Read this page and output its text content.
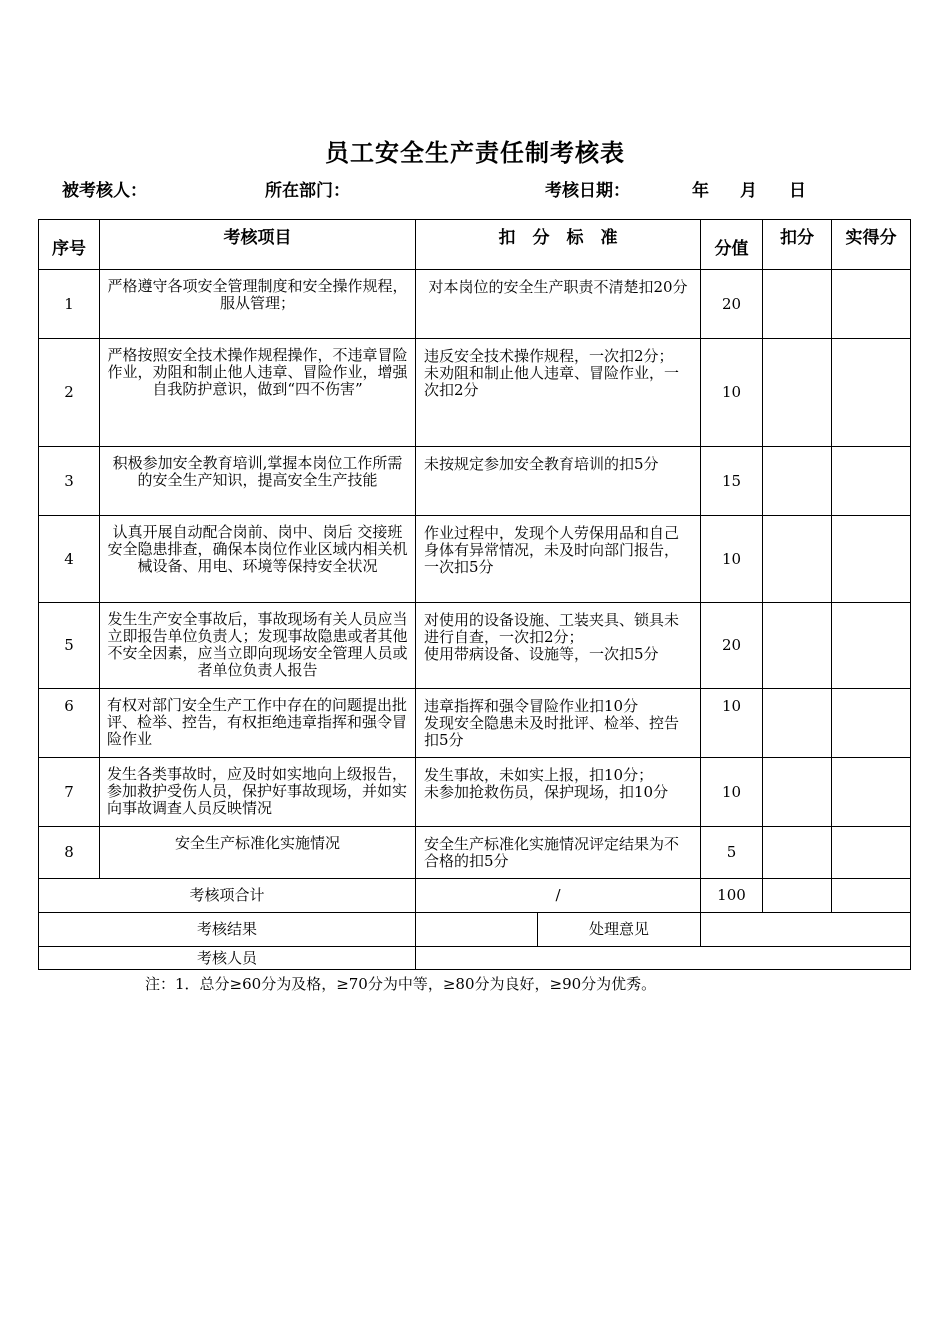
员工安全生产责任制考核表
被考核人：	所在部门：	考核日期：	年 月 日
序号	考核项目	扣　分　标　准	分值	扣分	实得分
1	严格遵守各项安全管理制度和安全操作规程，服从管理；	对本岗位的安全生产职责不清楚扣20分	20		
2	严格按照安全技术操作规程操作，不违章冒险作业，劝阻和制止他人违章、冒险作业，增强自我防护意识，做到“四不伤害”	违反安全技术操作规程，一次扣2分；
未劝阻和制止他人违章、冒险作业，一次扣2分	10		
3	积极参加安全教育培训,掌握本岗位工作所需的安全生产知识，提高安全生产技能	未按规定参加安全教育培训的扣5分	15		
4	认真开展自动配合岗前、岗中、岗后 交接班安全隐患排查，确保本岗位作业区域内相关机械设备、用电、环境等保持安全状况	作业过程中，发现个人劳保用品和自己身体有异常情况，未及时向部门报告，一次扣5分	10		
5	发生生产安全事故后，事故现场有关人员应当立即报告单位负责人；发现事故隐患或者其他不安全因素，应当立即向现场安全管理人员或者单位负责人报告	对使用的设备设施、工装夹具、锁具未进行自查，一次扣2分；
使用带病设备、设施等，一次扣5分	20		
6	有权对部门安全生产工作中存在的问题提出批评、检举、控告，有权拒绝违章指挥和强令冒险作业	违章指挥和强令冒险作业扣10分
发现安全隐患未及时批评、检举、控告扣5分	10		
7	发生各类事故时，应及时如实地向上级报告，参加救护受伤人员，保护好事故现场，并如实向事故调查人员反映情况	发生事故，未如实上报，扣10分；
未参加抢救伤员，保护现场，扣10分	10		
8	安全生产标准化实施情况	安全生产标准化实施情况评定结果为不合格的扣5分	5		
考核项合计		/	100		
考核结果		处理意见	
考核人员			
注：1．总分≥60分为及格，≥70分为中等，≥80分为良好，≥90分为优秀。
